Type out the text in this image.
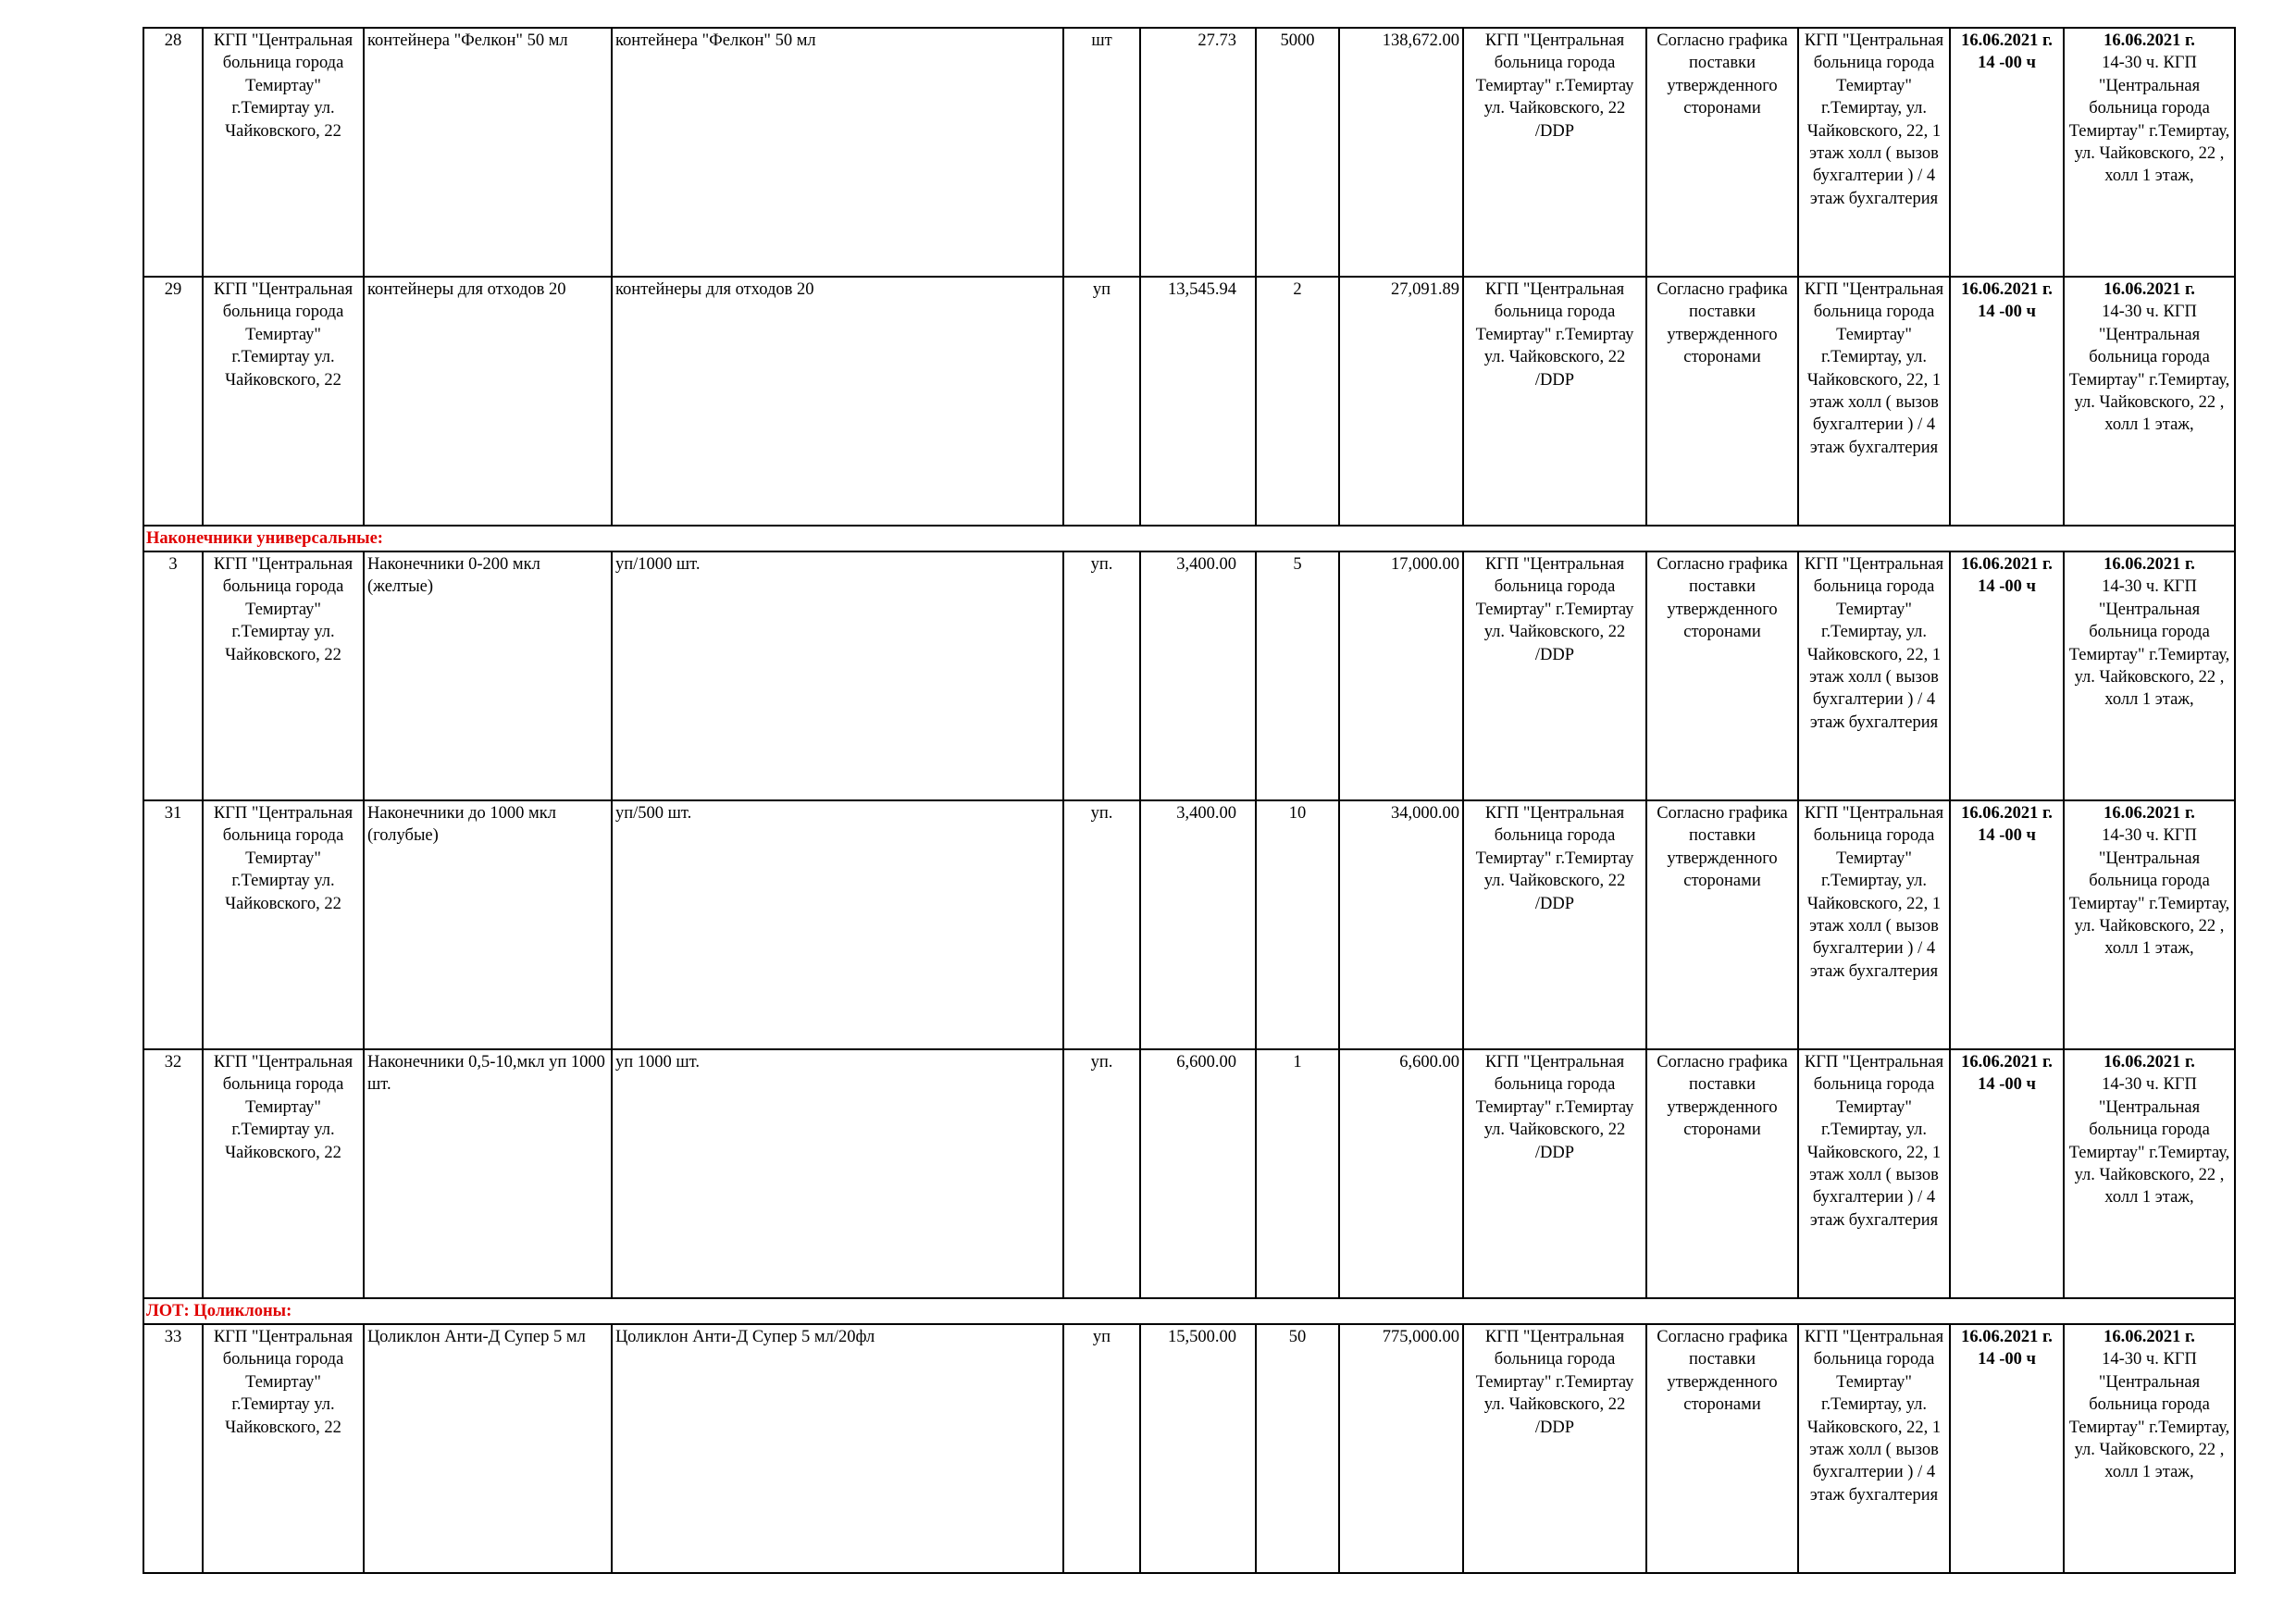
28	КГП "Центральная больница города Темиртау" г.Темиртау ул. Чайковского, 22	контейнера "Фелкон" 50 мл	контейнера "Фелкон" 50 мл	шт	27.73	5000	138,672.00	КГП "Центральная больница города Темиртау" г.Темиртау ул. Чайковского, 22 /DDP	Согласно графика поставки утвержденного сторонами	КГП "Центральная больница города Темиртау" г.Темиртау, ул. Чайковского, 22, 1 этаж холл ( вызов бухгалтерии ) / 4 этаж бухгалтерия	16.06.2021 г. 14 -00 ч	16.06.2021 г.
14-30 ч. КГП "Центральная больница города Темиртау" г.Темиртау, ул. Чайковского, 22 , холл 1 этаж,

29	КГП "Центральная больница города Темиртау" г.Темиртау ул. Чайковского, 22	контейнеры для отходов 20	контейнеры для отходов 20	уп	13,545.94	2	27,091.89	КГП "Центральная больница города Темиртау" г.Темиртау ул. Чайковского, 22 /DDP	Согласно графика поставки утвержденного сторонами	КГП "Центральная больница города Темиртау" г.Темиртау, ул. Чайковского, 22, 1 этаж холл ( вызов бухгалтерии ) / 4 этаж бухгалтерия	16.06.2021 г. 14 -00 ч	16.06.2021 г.
14-30 ч. КГП "Центральная больница города Темиртау" г.Темиртау, ул. Чайковского, 22 , холл 1 этаж,

Наконечники универсальные:												
3	КГП "Центральная больница города Темиртау" г.Темиртау ул. Чайковского, 22	Наконечники 0-200 мкл (желтые)	уп/1000 шт.	уп.	3,400.00	5	17,000.00	КГП "Центральная больница города Темиртау" г.Темиртау ул. Чайковского, 22 /DDP	Согласно графика поставки утвержденного сторонами	КГП "Центральная больница города Темиртау" г.Темиртау, ул. Чайковского, 22, 1 этаж холл ( вызов бухгалтерии ) / 4 этаж бухгалтерия	16.06.2021 г. 14 -00 ч	16.06.2021 г.
14-30 ч. КГП "Центральная больница города Темиртау" г.Темиртау, ул. Чайковского, 22 , холл 1 этаж,

31	КГП "Центральная больница города Темиртау" г.Темиртау ул. Чайковского, 22	Наконечники до 1000 мкл (голубые)	уп/500 шт.	уп.	3,400.00	10	34,000.00	КГП "Центральная больница города Темиртау" г.Темиртау ул. Чайковского, 22 /DDP	Согласно графика поставки утвержденного сторонами	КГП "Центральная больница города Темиртау" г.Темиртау, ул. Чайковского, 22, 1 этаж холл ( вызов бухгалтерии ) / 4 этаж бухгалтерия	16.06.2021 г. 14 -00 ч	16.06.2021 г.
14-30 ч. КГП "Центральная больница города Темиртау" г.Темиртау, ул. Чайковского, 22 , холл 1 этаж,

32	КГП "Центральная больница города Темиртау" г.Темиртау ул. Чайковского, 22	Наконечники 0,5-10,мкл уп 1000 шт.	уп 1000 шт.	уп.	6,600.00	1	6,600.00	КГП "Центральная больница города Темиртау" г.Темиртау ул. Чайковского, 22 /DDP	Согласно графика поставки утвержденного сторонами	КГП "Центральная больница города Темиртау" г.Темиртау, ул. Чайковского, 22, 1 этаж холл ( вызов бухгалтерии ) / 4 этаж бухгалтерия	16.06.2021 г. 14 -00 ч	16.06.2021 г.
14-30 ч. КГП "Центральная больница города Темиртау" г.Темиртау, ул. Чайковского, 22 , холл 1 этаж,

ЛОТ: Цоликлоны:												
33	КГП "Центральная больница города Темиртау" г.Темиртау ул. Чайковского, 22	Цоликлон Анти-Д Супер 5 мл	Цоликлон Анти-Д Супер 5 мл/20фл	уп	15,500.00	50	775,000.00	КГП "Центральная больница города Темиртау" г.Темиртау ул. Чайковского, 22 /DDP	Согласно графика поставки утвержденного сторонами	КГП "Центральная больница города Темиртау" г.Темиртау, ул. Чайковского, 22, 1 этаж холл ( вызов бухгалтерии ) / 4 этаж бухгалтерия	16.06.2021 г. 14 -00 ч	16.06.2021 г.
14-30 ч. КГП "Центральная больница города Темиртау" г.Темиртау, ул. Чайковского, 22 , холл 1 этаж,
